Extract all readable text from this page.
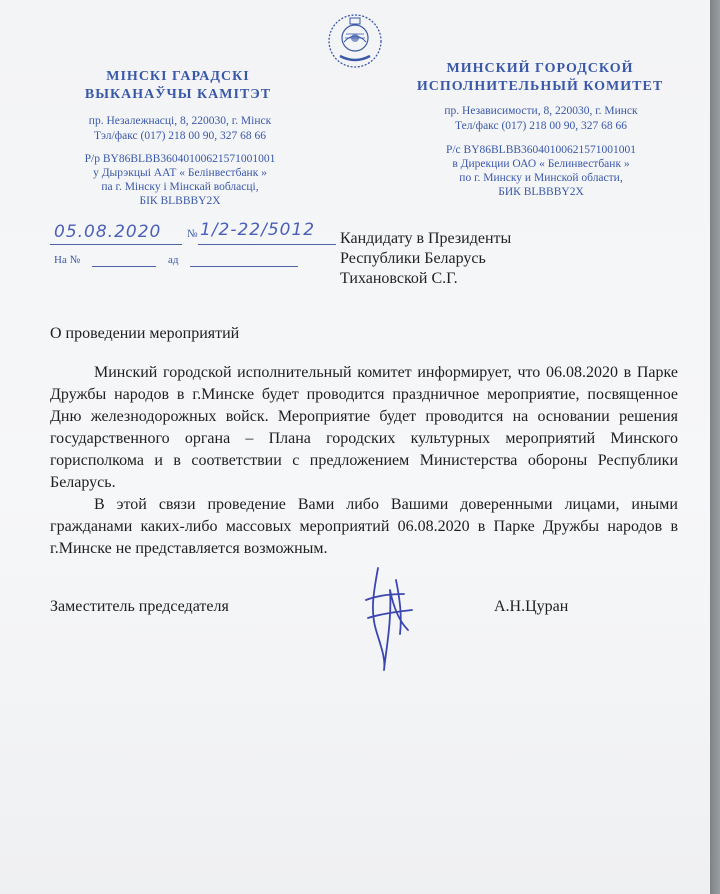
МIНСКI ГАРАДСКI
ВЫКАНАЎЧЫ КАМIТЭТ
пр. Незалежнасцi, 8, 220030, г. Мiнск
Тэл/факс (017) 218 00 90, 327 68 66
Р/р BY86BLBB36040100621571001001
у Дырэкцыi ААТ « Белiнвестбанк »
па г. Мiнску i Мiнскай вобласцi,
БIК BLBBBY2X
МИНСКИЙ ГОРОДСКОЙ
ИСПОЛНИТЕЛЬНЫЙ КОМИТЕТ
пр. Независимости, 8, 220030, г. Минск
Тел/факс (017) 218 00 90, 327 68 66
Р/с BY86BLBB36040100621571001001
в Дирекции ОАО « Белинвестбанк »
по г. Минску и Минской области,
БИК BLBBBY2X
05.08.2020 № 1/2-22/5012
На №	ад
Кандидату в Президенты
Республики Беларусь
Тихановской С.Г.
О проведении мероприятий

Минский городской исполнительный комитет информирует, что 06.08.2020 в Парке Дружбы народов в г.Минске будет проводится праздничное мероприятие, посвященное Дню железнодорожных войск. Мероприятие будет проводится на основании решения государственного органа – Плана городских культурных мероприятий Минского горисполкома и в соответствии с предложением Министерства обороны Республики Беларусь.

В этой связи проведение Вами либо Вашими доверенными лицами, иными гражданами каких-либо массовых мероприятий 06.08.2020 в Парке Дружбы народов в г.Минске не представляется возможным.

Заместитель председателя	А.Н.Цуран
